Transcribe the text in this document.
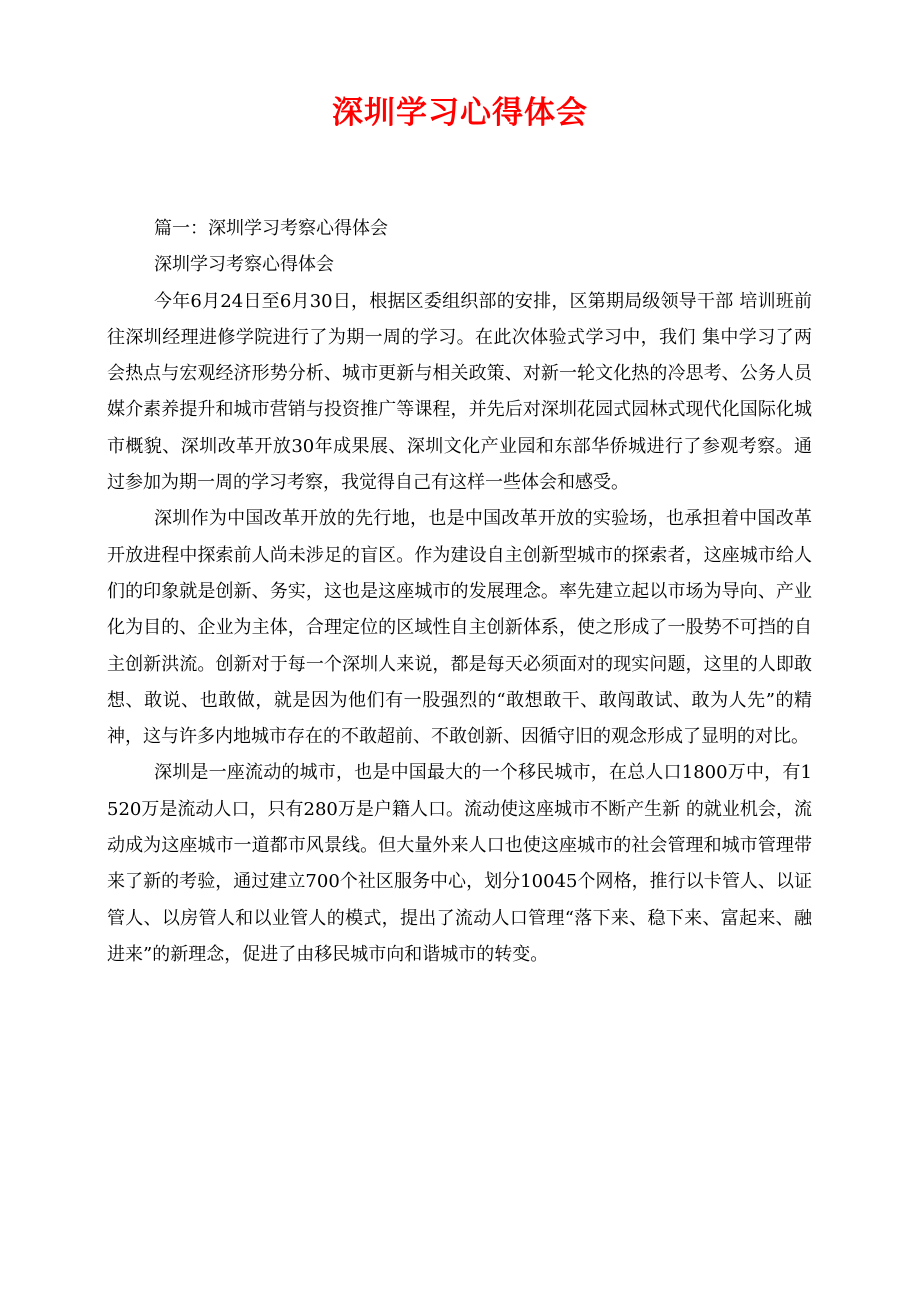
深圳学习心得体会

篇一：深圳学习考察心得体会

深圳学习考察心得体会

今年6月24日至6月30日，根据区委组织部的安排，区第期局级领导干部 培训班前往深圳经理进修学院进行了为期一周的学习。在此次体验式学习中，我们 集中学习了两会热点与宏观经济形势分析、城市更新与相关政策、对新一轮文化热的冷思考、公务人员媒介素养提升和城市营销与投资推广等课程，并先后对深圳花园式园林式现代化国际化城市概貌、深圳改革开放30年成果展、深圳文化产业园和东部华侨城进行了参观考察。通过参加为期一周的学习考察，我觉得自己有这样一些体会和感受。

深圳作为中国改革开放的先行地，也是中国改革开放的实验场，也承担着中国改革开放进程中探索前人尚未涉足的盲区。作为建设自主创新型城市的探索者，这座城市给人们的印象就是创新、务实，这也是这座城市的发展理念。率先建立起以市场为导向、产业化为目的、企业为主体，合理定位的区域性自主创新体系，使之形成了一股势不可挡的自主创新洪流。创新对于每一个深圳人来说，都是每天必须面对的现实问题，这里的人即敢想、敢说、也敢做，就是因为他们有一股强烈的“敢想敢干、敢闯敢试、敢为人先”的精神，这与许多内地城市存在的不敢超前、不敢创新、因循守旧的观念形成了显明的对比。

深圳是一座流动的城市，也是中国最大的一个移民城市，在总人口1800万中，有1520万是流动人口，只有280万是户籍人口。流动使这座城市不断产生新 的就业机会，流动成为这座城市一道都市风景线。但大量外来人口也使这座城市的社会管理和城市管理带来了新的考验，通过建立700个社区服务中心，划分10045个网格，推行以卡管人、以证管人、以房管人和以业管人的模式，提出了流动人口管理“落下来、稳下来、富起来、融进来”的新理念，促进了由移民城市向和谐城市的转变。
